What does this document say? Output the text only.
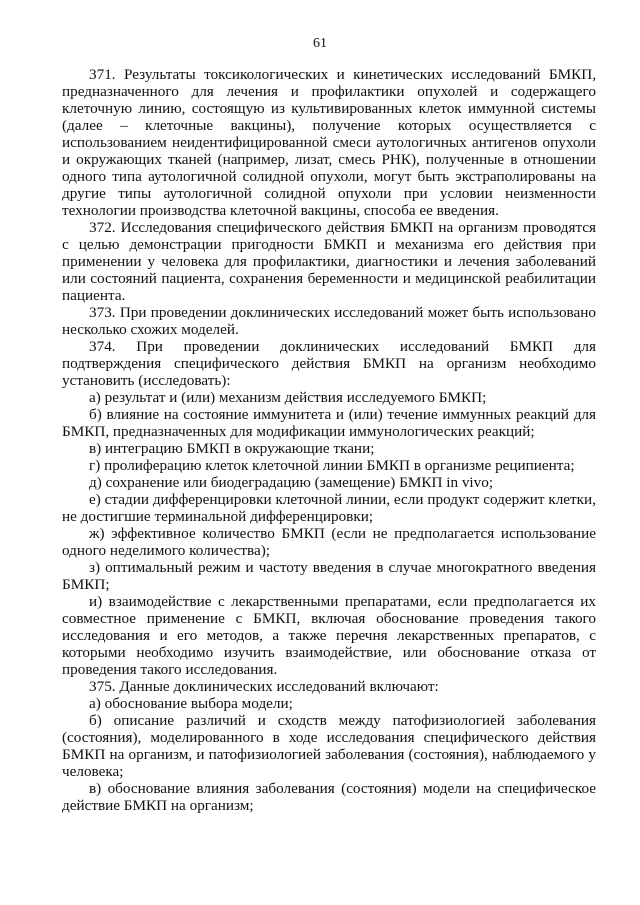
61

371. Результаты токсикологических и кинетических исследований БМКП, предназначенного для лечения и профилактики опухолей и содержащего клеточную линию, состоящую из культивированных клеток иммунной системы (далее – клеточные вакцины), получение которых осуществляется с использованием неидентифицированной смеси аутологичных антигенов опухоли и окружающих тканей (например, лизат, смесь РНК), полученные в отношении одного типа аутологичной солидной опухоли, могут быть экстраполированы на другие типы аутологичной солидной опухоли при условии неизменности технологии производства клеточной вакцины, способа ее введения.

372. Исследования специфического действия БМКП на организм проводятся с целью демонстрации пригодности БМКП и механизма его действия при применении у человека для профилактики, диагностики и лечения заболеваний или состояний пациента, сохранения беременности и медицинской реабилитации пациента.

373. При проведении доклинических исследований может быть использовано несколько схожих моделей.

374. При проведении доклинических исследований БМКП для подтверждения специфического действия БМКП на организм необходимо установить (исследовать):

а) результат и (или) механизм действия исследуемого БМКП;

б) влияние на состояние иммунитета и (или) течение иммунных реакций для БМКП, предназначенных для модификации иммунологических реакций;

в) интеграцию БМКП в окружающие ткани;

г) пролиферацию клеток клеточной линии БМКП в организме реципиента;

д) сохранение или биодеградацию (замещение) БМКП in vivo;

е) стадии дифференцировки клеточной линии, если продукт содержит клетки, не достигшие терминальной дифференцировки;

ж) эффективное количество БМКП (если не предполагается использование одного неделимого количества);

з) оптимальный режим и частоту введения в случае многократного введения БМКП;

и) взаимодействие с лекарственными препаратами, если предполагается их совместное применение с БМКП, включая обоснование проведения такого исследования и его методов, а также перечня лекарственных препаратов, с которыми необходимо изучить взаимодействие, или обоснование отказа от проведения такого исследования.

375. Данные доклинических исследований включают:

а) обоснование выбора модели;

б) описание различий и сходств между патофизиологией заболевания (состояния), моделированного в ходе исследования специфического действия БМКП на организм, и патофизиологией заболевания (состояния), наблюдаемого у человека;

в) обоснование влияния заболевания (состояния) модели на специфическое действие БМКП на организм;
